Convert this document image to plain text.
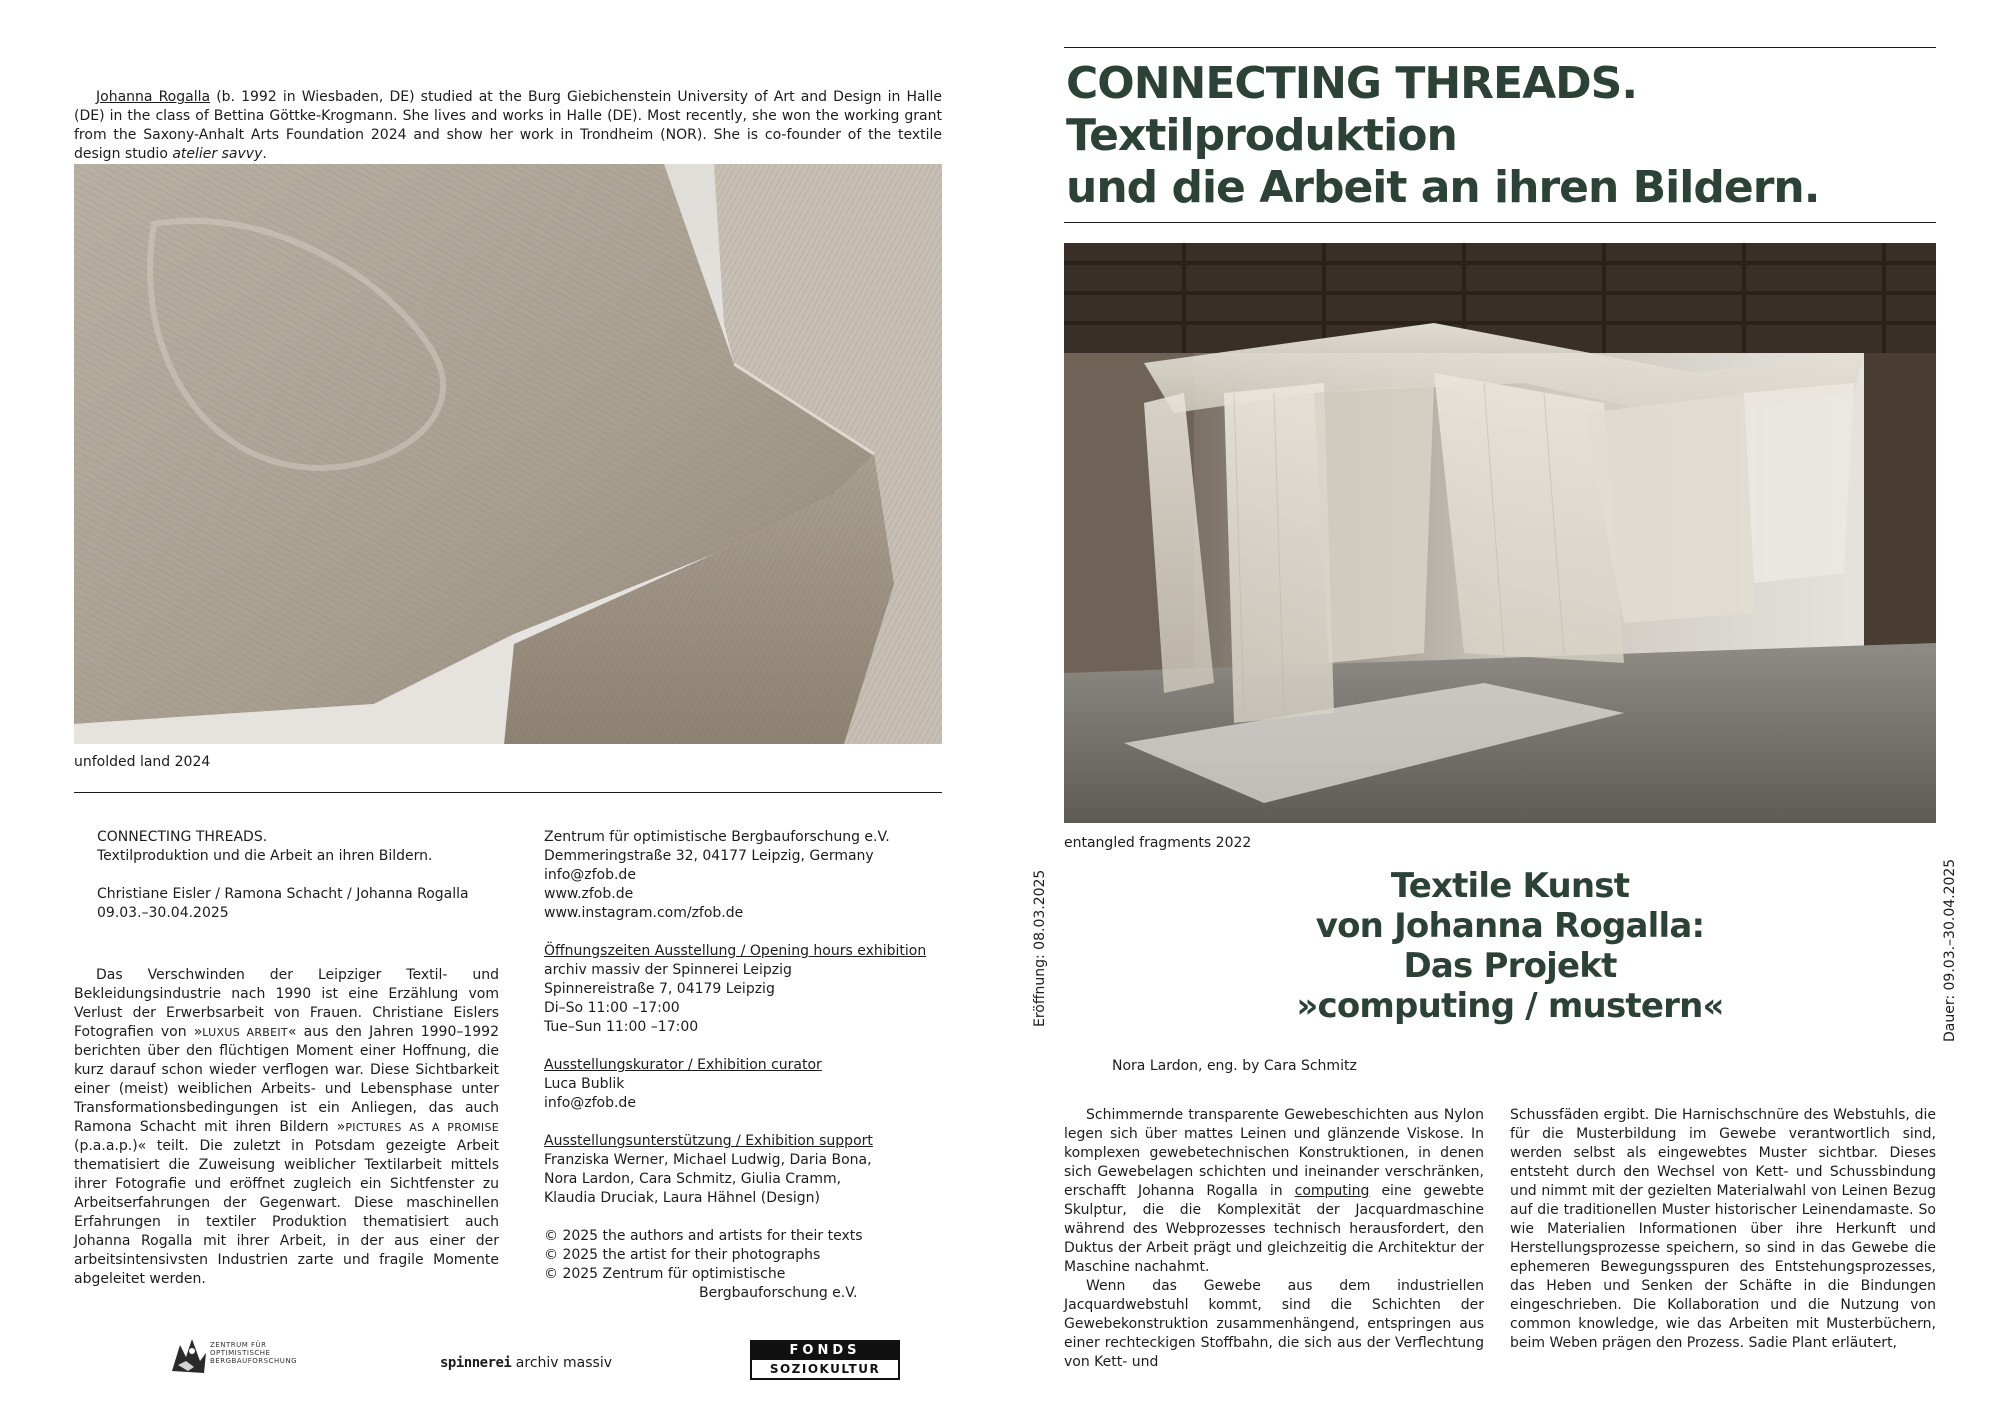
Johanna Rogalla (b. 1992 in Wiesbaden, DE) studied at the Burg Giebichenstein University of Art and Design in Halle (DE) in the class of Bettina Göttke-Krogmann. She lives and works in Halle (DE). Most recently, she won the working grant from the Saxony-Anhalt Arts Foundation 2024 and show her work in Trondheim (NOR). She is co-founder of the textile design studio atelier savvy.

unfolded land 2024
CONNECTING THREADS.
Textilproduktion und die Arbeit an ihren Bildern.
Christiane Eisler / Ramona Schacht / Johanna Rogalla
09.03.–30.04.2025

Das Verschwinden der Leipziger Textil- und Bekleidungsindustrie nach 1990 ist eine Erzählung vom Verlust der Erwerbsarbeit von Frauen. Christiane Eislers Fotografien von »LUXUS ARBEIT« aus den Jahren 1990–1992 berichten über den flüchtigen Moment einer Hoffnung, die kurz darauf schon wieder verflogen war. Diese Sichtbarkeit einer (meist) weiblichen Arbeits- und Lebensphase unter Transformationsbedingungen ist ein Anliegen, das auch Ramona Schacht mit ihren Bildern »PICTURES AS A PROMISE (p.a.a.p.)« teilt. Die zuletzt in Potsdam gezeigte Arbeit thematisiert die Zuweisung weiblicher Textilarbeit mittels ihrer Fotografie und eröffnet zugleich ein Sichtfenster zu Arbeitserfahrungen der Gegenwart. Diese maschinellen Erfahrungen in textiler Produktion thematisiert auch Johanna Rogalla mit ihrer Arbeit, in der aus einer der arbeitsintensivsten Industrien zarte und fragile Momente abgeleitet werden.

Zentrum für optimistische Bergbauforschung e.V.
Demmeringstraße 32, 04177 Leipzig, Germany
info@zfob.de
www.zfob.de
www.instagram.com/zfob.de
Öffnungszeiten Ausstellung / Opening hours exhibition
archiv massiv der Spinnerei Leipzig
Spinnereistraße 7, 04179 Leipzig
Di–So 11:00 –17:00
Tue–Sun 11:00 –17:00
Ausstellungskurator / Exhibition curator
Luca Bublik
info@zfob.de
Ausstellungsunterstützung / Exhibition support
Franziska Werner, Michael Ludwig, Daria Bona,
Nora Lardon, Cara Schmitz, Giulia Cramm,
Klaudia Druciak, Laura Hähnel (Design)
© 2025 the authors and artists for their texts
© 2025 the artist for their photographs
© 2025 Zentrum für optimistische
Bergbauforschung e.V.
ZENTRUM FÜR
OPTIMISTISCHE
BERGBAUFORSCHUNG	spinnerei archiv massiv
FONDS
SOZIOKULTUR
CONNECTING THREADS.
Textilproduktion
und die Arbeit an ihren Bildern.
entangled fragments 2022
Eröffnung: 08.03.2025	Dauer: 09.03.–30.04.2025
Textile Kunst
von Johanna Rogalla:
Das Projekt
»computing / mustern«
Nora Lardon, eng. by Cara Schmitz

Schimmernde transparente Gewebeschichten aus Nylon legen sich über mattes Leinen und glänzende Viskose. In komplexen gewebetechnischen Konstruktionen, in denen sich Gewebelagen schichten und ineinander verschränken, erschafft Johanna Rogalla in computing eine gewebte Skulptur, die die Komplexität der Jacquardmaschine während des Webprozesses technisch herausfordert, den Duktus der Arbeit prägt und gleichzeitig die Architektur der Maschine nachahmt.

Wenn das Gewebe aus dem industriellen Jacquardwebstuhl kommt, sind die Schichten der Gewebekonstruktion zusammenhängend, entspringen aus einer rechteckigen Stoffbahn, die sich aus der Verflechtung von Kett- und

Schussfäden ergibt. Die Harnischschnüre des Webstuhls, die für die Musterbildung im Gewebe verantwortlich sind, werden selbst als eingewebtes Muster sichtbar. Dieses entsteht durch den Wechsel von Kett- und Schussbindung und nimmt mit der gezielten Materialwahl von Leinen Bezug auf die traditionellen Muster historischer Leinendamaste. So wie Materialien Informationen über ihre Herkunft und Herstellungsprozesse speichern, so sind in das Gewebe die ephemeren Bewegungsspuren des Entstehungsprozesses, das Heben und Senken der Schäfte in die Bindungen eingeschrieben. Die Kollaboration und die Nutzung von common knowledge, wie das Arbeiten mit Musterbüchern, beim Weben prägen den Prozess. Sadie Plant erläutert,
